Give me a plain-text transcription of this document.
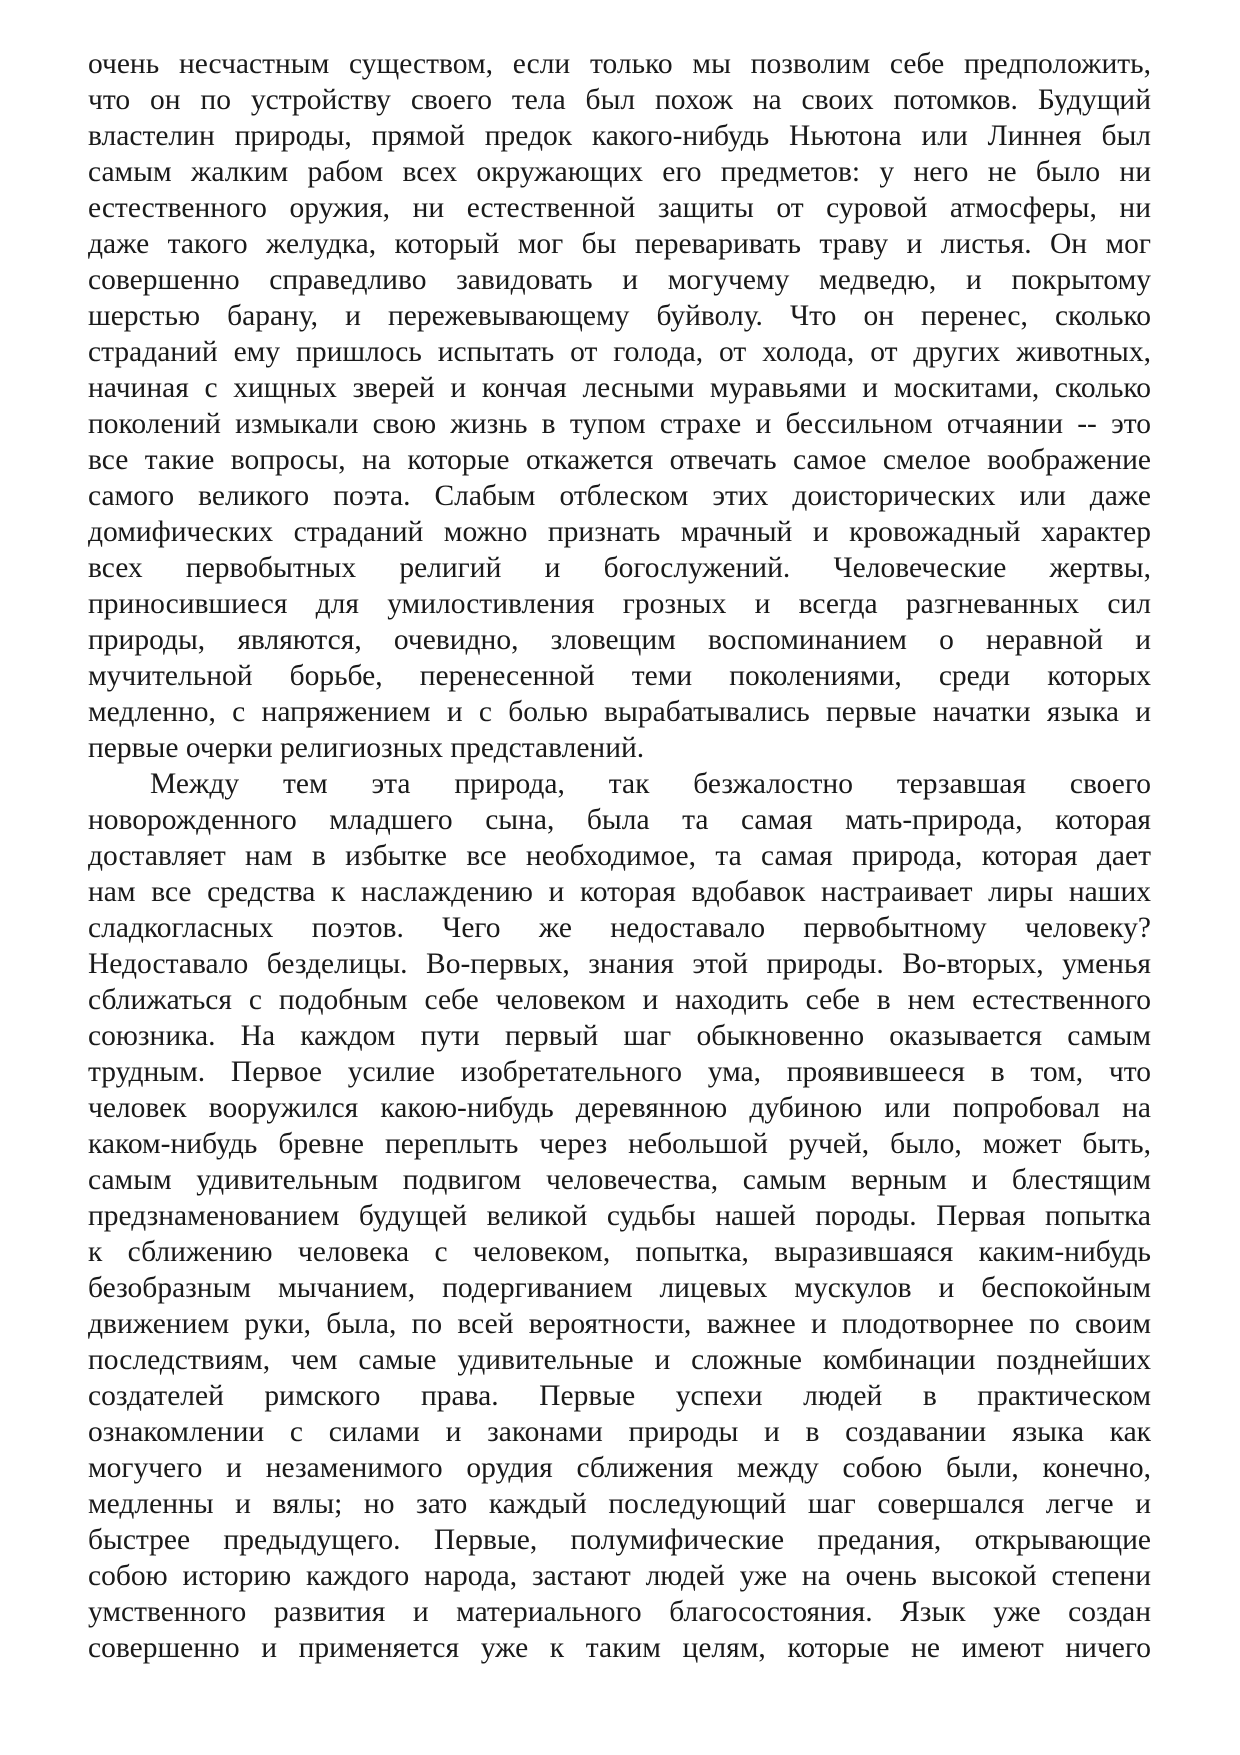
очень несчастным существом, если только мы позволим себе предположить,
что он по устройству своего тела был похож на своих потомков. Будущий
властелин природы, прямой предок какого-нибудь Ньютона или Линнея был
самым жалким рабом всех окружающих его предметов: у него не было ни
естественного оружия, ни естественной защиты от суровой атмосферы, ни
даже такого желудка, который мог бы переваривать траву и листья. Он мог
совершенно справедливо завидовать и могучему медведю, и покрытому
шерстью барану, и пережевывающему буйволу. Что он перенес, сколько
страданий ему пришлось испытать от голода, от холода, от других животных,
начиная с хищных зверей и кончая лесными муравьями и москитами, сколько
поколений измыкали свою жизнь в тупом страхе и бессильном отчаянии -- это
все такие вопросы, на которые откажется отвечать самое смелое воображение
самого великого поэта. Слабым отблеском этих доисторических или даже
домифических страданий можно признать мрачный и кровожадный характер
всех первобытных религий и богослужений. Человеческие жертвы,
приносившиеся для умилостивления грозных и всегда разгневанных сил
природы, являются, очевидно, зловещим воспоминанием о неравной и
мучительной борьбе, перенесенной теми поколениями, среди которых
медленно, с напряжением и с болью вырабатывались первые начатки языка и
первые очерки религиозных представлений.
Между тем эта природа, так безжалостно терзавшая своего
новорожденного младшего сына, была та самая мать-природа, которая
доставляет нам в избытке все необходимое, та самая природа, которая дает
нам все средства к наслаждению и которая вдобавок настраивает лиры наших
сладкогласных поэтов. Чего же недоставало первобытному человеку?
Недоставало безделицы. Во-первых, знания этой природы. Во-вторых, уменья
сближаться с подобным себе человеком и находить себе в нем естественного
союзника. На каждом пути первый шаг обыкновенно оказывается самым
трудным. Первое усилие изобретательного ума, проявившееся в том, что
человек вооружился какою-нибудь деревянною дубиною или попробовал на
каком-нибудь бревне переплыть через небольшой ручей, было, может быть,
самым удивительным подвигом человечества, самым верным и блестящим
предзнаменованием будущей великой судьбы нашей породы. Первая попытка
к сближению человека с человеком, попытка, выразившаяся каким-нибудь
безобразным мычанием, подергиванием лицевых мускулов и беспокойным
движением руки, была, по всей вероятности, важнее и плодотворнее по своим
последствиям, чем самые удивительные и сложные комбинации позднейших
создателей римского права. Первые успехи людей в практическом
ознакомлении с силами и законами природы и в создавании языка как
могучего и незаменимого орудия сближения между собою были, конечно,
медленны и вялы; но зато каждый последующий шаг совершался легче и
быстрее предыдущего. Первые, полумифические предания, открывающие
собою историю каждого народа, застают людей уже на очень высокой степени
умственного развития и материального благосостояния. Язык уже создан
совершенно и применяется уже к таким целям, которые не имеют ничего
